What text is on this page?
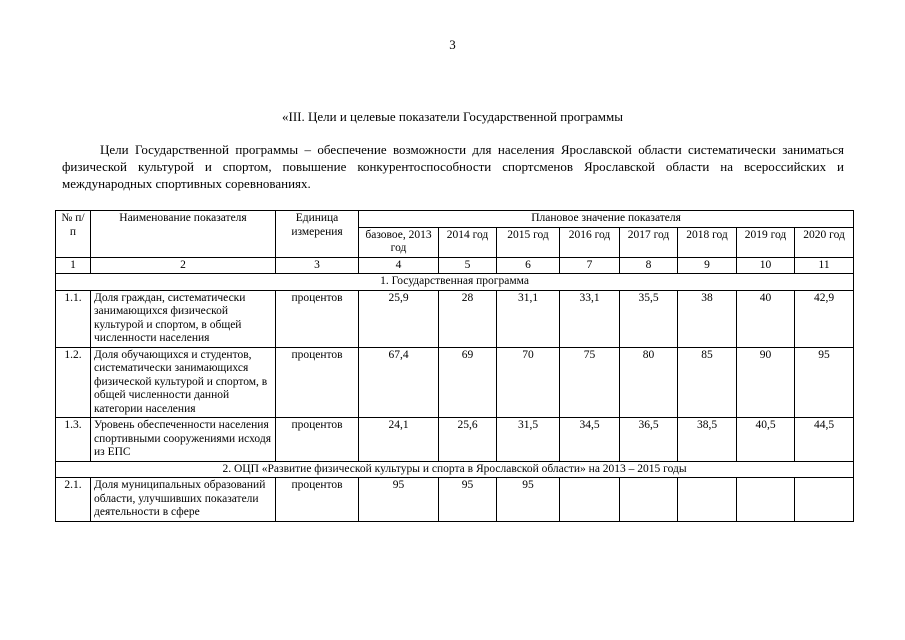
3
«III. Цели и целевые показатели Государственной программы

Цели Государственной программы – обеспечение возможности для населения Ярославской области систематически заниматься физической культурой и спортом, повышение конкурентоспособности спортсменов Ярославской области на всероссийских и международных спортивных соревнованиях.

№ п/п	Наименование показателя	Единица измерения	Плановое значение показателя							
			базовое, 2013 год	2014 год	2015 год	2016 год	2017 год	2018 год	2019 год	2020 год
1	2	3	4	5	6	7	8	9	10	11
1. Государственная программа										
1.1.	Доля граждан, систематически занимающихся физической культурой и спортом, в общей численности населения	процентов	25,9	28	31,1	33,1	35,5	38	40	42,9
1.2.	Доля обучающихся и студентов, систематически занимающихся физической культурой и спортом, в общей численности данной категории населения	процентов	67,4	69	70	75	80	85	90	95
1.3.	Уровень обеспеченности населения спортивными сооружениями исходя из ЕПС	процентов	24,1	25,6	31,5	34,5	36,5	38,5	40,5	44,5
2. ОЦП «Развитие физической культуры и спорта в Ярославской области» на 2013 – 2015 годы										
2.1.	Доля муниципальных образований области, улучшивших показатели деятельности в сфере	процентов	95	95	95					
